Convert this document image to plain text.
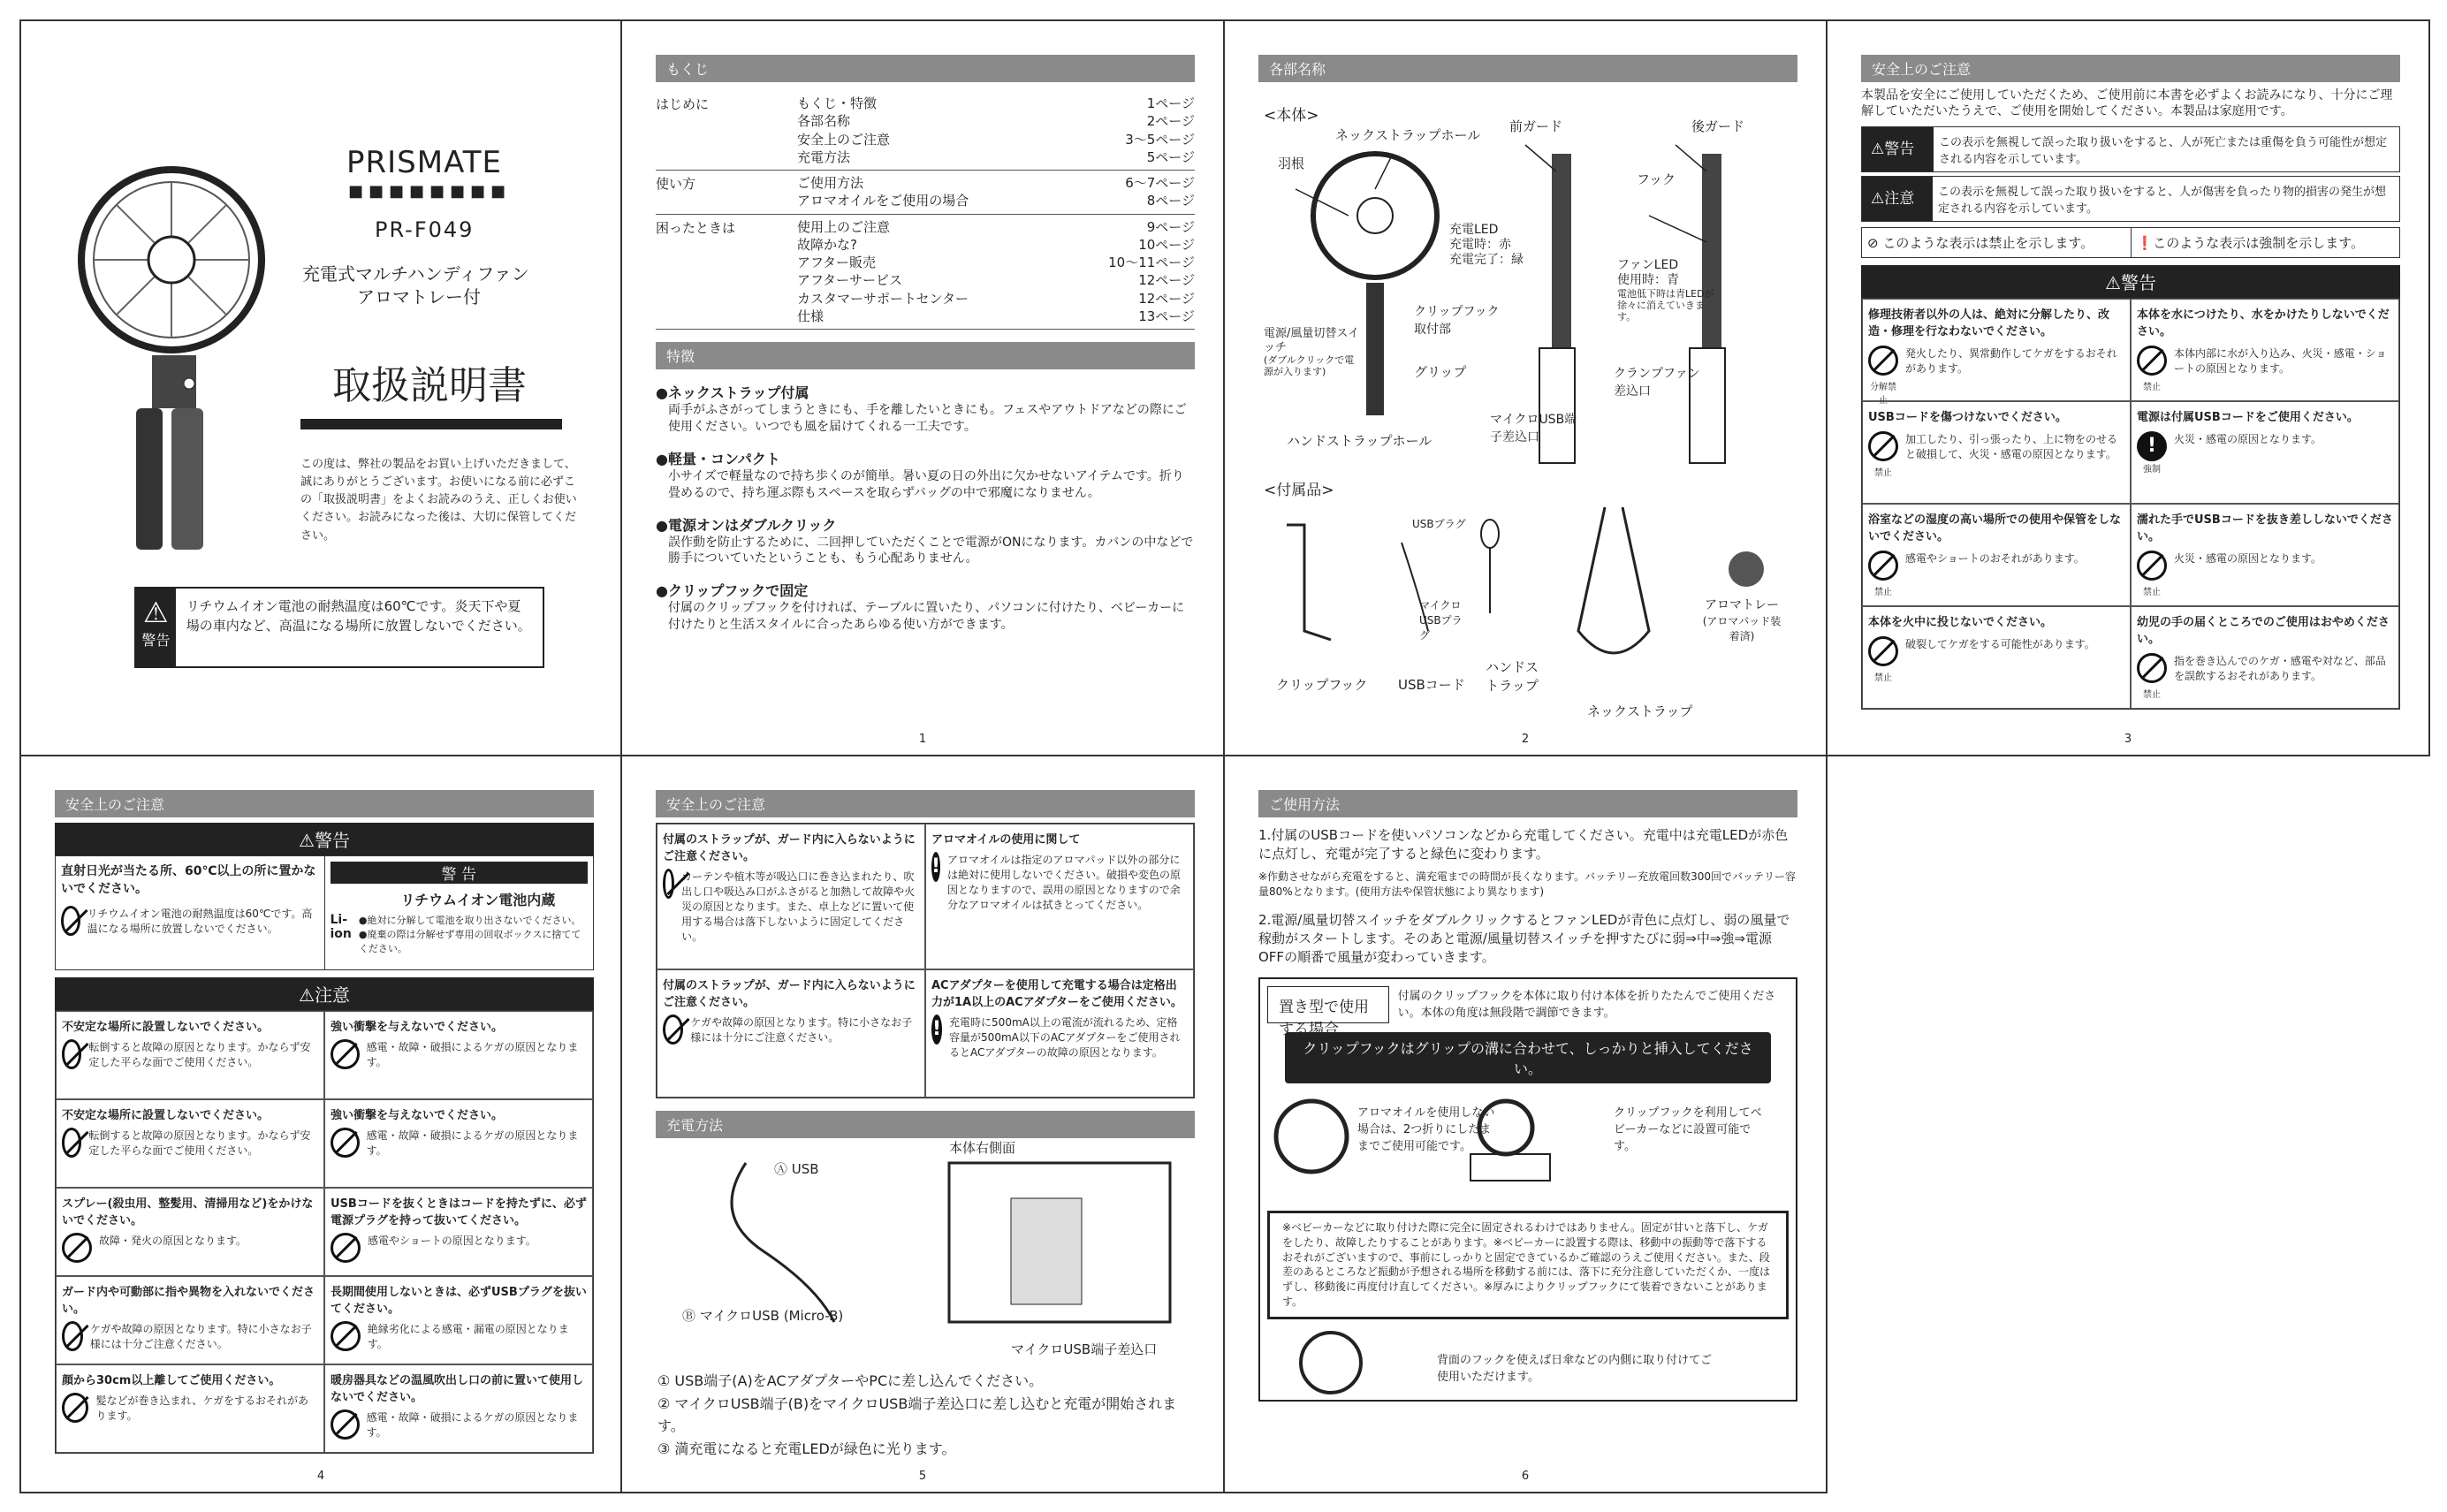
PRISMATE
■■■■■■■■
PR-F049
充電式マルチハンディファン
アロマトレー付
取扱説明書
この度は、弊社の製品をお買い上げいただきまして、誠にありがとうございます。お使いになる前に必ずこの「取扱説明書」をよくお読みのうえ、正しくお使いください。お読みになった後は、大切に保管してください。
⚠
警告
リチウムイオン電池の耐熱温度は60℃です。炎天下や夏場の車内など、高温になる場所に放置しないでください。
もくじ
はじめに	もくじ・特徴	1ページ
各部名称	2ページ
安全上のご注意	3〜5ページ
充電方法	5ページ
使い方	ご使用方法	6〜7ページ
アロマオイルをご使用の場合	8ページ
困ったときは	使用上のご注意	9ページ
故障かな?	10ページ
アフター販売	10〜11ページ
アフターサービス	12ページ
カスタマーサポートセンター	12ページ
仕様	13ページ
特徴
●ネックストラップ付属
両手がふさがってしまうときにも、手を離したいときにも。フェスやアウトドアなどの際にご使用ください。いつでも風を届けてくれる一工夫です。
●軽量・コンパクト
小サイズで軽量なので持ち歩くのが簡単。暑い夏の日の外出に欠かせないアイテムです。折り畳めるので、持ち運ぶ際もスペースを取らずバッグの中で邪魔になりません。
●電源オンはダブルクリック
誤作動を防止するために、二回押していただくことで電源がONになります。カバンの中などで勝手についていたということも、もう心配ありません。
●クリップフックで固定
付属のクリップフックを付ければ、テーブルに置いたり、パソコンに付けたり、ベビーカーに付けたりと生活スタイルに合ったあらゆる使い方ができます。
1
各部名称
<本体>
ネックストラップホール
羽根
前ガード	後ガード
フック
充電LED
充電時：赤
充電完了：緑	ファンLED
使用時：青
電池低下時は青LEDが徐々に消えていきます。
クリップフック取付部
電源/風量切替スイッチ
(ダブルクリックで電源が入ります)	グリップ	クランプファン差込口
マイクロUSB端子差込口
ハンドストラップホール
<付属品>
クリップフック USBコード
ハンドストラップ
ネックストラップ
アロマトレー
(アロマパッド装着済)
USBプラグ
マイクロUSBプラグ
2
安全上のご注意
本製品を安全にご使用していただくため、ご使用前に本書を必ずよくお読みになり、十分にご理解していただいたうえで、ご使用を開始してください。本製品は家庭用です。
⚠警告	この表示を無視して誤った取り扱いをすると、人が死亡または重傷を負う可能性が想定される内容を示しています。
⚠注意	この表示を無視して誤った取り扱いをすると、人が傷害を負ったり物的損害の発生が想定される内容を示しています。
⊘ このような表示は禁止を示します。	❗このような表示は強制を示します。
⚠警告
修理技術者以外の人は、絶対に分解したり、改造・修理を行なわないでください。
分解禁止
発火したり、異常動作してケガをするおそれがあります。
本体を水につけたり、水をかけたりしないでください。
禁止
本体内部に水が入り込み、火災・感電・ショートの原因となります。
USBコードを傷つけないでください。
禁止
加工したり、引っ張ったり、上に物をのせると破損して、火災・感電の原因となります。
電源は付属USBコードをご使用ください。
!
強制
火災・感電の原因となります。
浴室などの湿度の高い場所での使用や保管をしないでください。
禁止
感電やショートのおそれがあります。
濡れた手でUSBコードを抜き差ししないでください。
禁止
火災・感電の原因となります。
本体を火中に投じないでください。
禁止
破裂してケガをする可能性があります。
幼児の手の届くところでのご使用はおやめください。
禁止
指を巻き込んでのケガ・感電や対など、部品を誤飲するおそれがあります。
3
安全上のご注意
⚠警告
直射日光が当たる所、60℃以上の所に置かないでください。
リチウムイオン電池の耐熱温度は60℃です。高温になる場所に放置しないでください。
警 告
リチウムイオン電池内蔵
Li-ion
●絶対に分解して電池を取り出さないでください。●廃棄の際は分解せず専用の回収ボックスに捨ててください。
⚠注意
不安定な場所に設置しないでください。
転倒すると故障の原因となります。かならず安定した平らな面でご使用ください。
強い衝撃を与えないでください。
感電・故障・破損によるケガの原因となります。
不安定な場所に設置しないでください。
転倒すると故障の原因となります。かならず安定した平らな面でご使用ください。
強い衝撃を与えないでください。
感電・故障・破損によるケガの原因となります。
スプレー(殺虫用、整髪用、清掃用など)をかけないでください。
故障・発火の原因となります。
USBコードを抜くときはコードを持たずに、必ず電源プラグを持って抜いてください。
感電やショートの原因となります。
ガード内や可動部に指や異物を入れないでください。
ケガや故障の原因となります。特に小さなお子様には十分ご注意ください。
長期間使用しないときは、必ずUSBプラグを抜いてください。
絶縁劣化による感電・漏電の原因となります。
顔から30cm以上離してご使用ください。
髪などが巻き込まれ、ケガをするおそれがあります。
暖房器具などの温風吹出し口の前に置いて使用しないでください。
感電・故障・破損によるケガの原因となります。
4
安全上のご注意
付属のストラップが、ガード内に入らないようにご注意ください。
カーテンや植木等が吸込口に巻き込まれたり、吹出し口や吸込み口がふさがると加熱して故障や火災の原因となります。また、卓上などに置いて使用する場合は落下しないように固定してください。
アロマオイルの使用に関して
! アロマオイルは指定のアロマパッド以外の部分には絶対に使用しないでください。破損や変色の原因となりますので、誤用の原因となりますので余分なアロマオイルは拭きとってください。
付属のストラップが、ガード内に入らないようにご注意ください。
ケガや故障の原因となります。特に小さなお子様には十分にご注意ください。
ACアダプターを使用して充電する場合は定格出力が1A以上のACアダプターをご使用ください。
! 充電時に500mA以上の電流が流れるため、定格容量が500mA以下のACアダプターをご使用されるとACアダプターの故障の原因となります。
充電方法
Ⓐ USB
Ⓑ マイクロUSB (Micro-B)
本体右側面
マイクロUSB端子差込口
① USB端子(A)をACアダプターやPCに差し込んでください。
② マイクロUSB端子(B)をマイクロUSB端子差込口に差し込むと充電が開始されます。
③ 満充電になると充電LEDが緑色に光ります。
5
ご使用方法
1.付属のUSBコードを使いパソコンなどから充電してください。充電中は充電LEDが赤色に点灯し、充電が完了すると緑色に変わります。
※作動させながら充電をすると、満充電までの時間が長くなります。バッテリー充放電回数300回でバッテリー容量80%となります。(使用方法や保管状態により異なります)
2.電源/風量切替スイッチをダブルクリックするとファンLEDが青色に点灯し、弱の風量で稼動がスタートします。そのあと電源/風量切替スイッチを押すたびに弱⇒中⇒強⇒電源OFFの順番で風量が変わっていきます。
置き型で使用する場合
付属のクリップフックを本体に取り付け本体を折りたたんでご使用ください。本体の角度は無段階で調節できます。
クリップフックはグリップの溝に合わせて、しっかりと挿入してください。
アロマオイルを使用しない場合は、2つ折りにしたままでご使用可能です。
クリップフックを利用してベビーカーなどに設置可能です。
※ベビーカーなどに取り付けた際に完全に固定されるわけではありません。固定が甘いと落下し、ケガをしたり、故障したりすることがあります。※ベビーカーに設置する際は、移動中の振動等で落下するおそれがございますので、事前にしっかりと固定できているかご確認のうえご使用ください。また、段差のあるところなど振動が予想される場所を移動する前には、落下に充分注意していただくか、一度はずし、移動後に再度付け直してください。※厚みによりクリップフックにて装着できないことがあります。
背面のフックを使えば日傘などの内側に取り付けてご使用いただけます。
6
